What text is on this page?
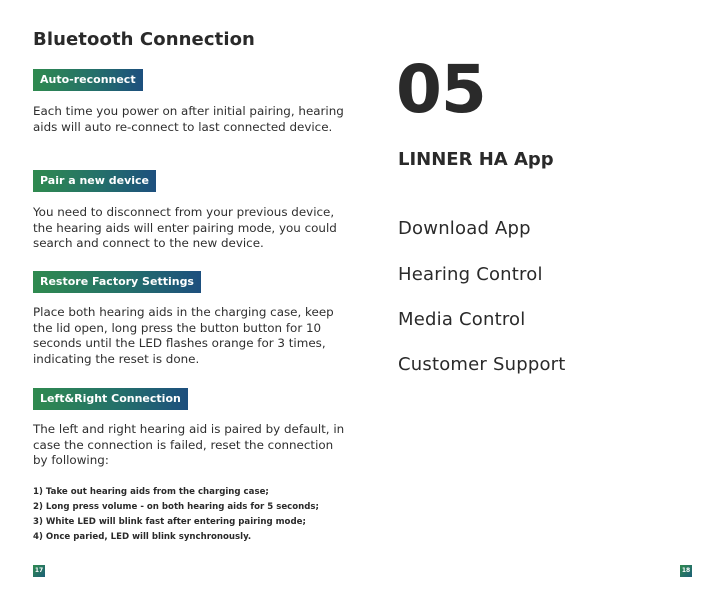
Bluetooth Connection
Auto-reconnect
Each time you power on after initial pairing, hearing aids will auto re-connect to last connected device.
Pair a new device
You need to disconnect from your previous device, the hearing aids will enter pairing mode, you could search and connect to the new device.
Restore Factory Settings
Place both hearing aids in the charging case, keep the lid open, long press the button button for 10 seconds until the LED flashes orange for 3 times, indicating the reset is done.
Left&Right Connection
The left and right hearing aid is paired by default, in case the connection is failed, reset the connection by following:
1) Take out hearing aids from the charging case;
2) Long press volume - on both hearing aids for 5 seconds;
3) White LED will blink fast after entering pairing mode;
4) Once paried, LED will blink synchronously.
17
05
LINNER HA App
Download App
Hearing Control
Media Control
Customer Support
18
